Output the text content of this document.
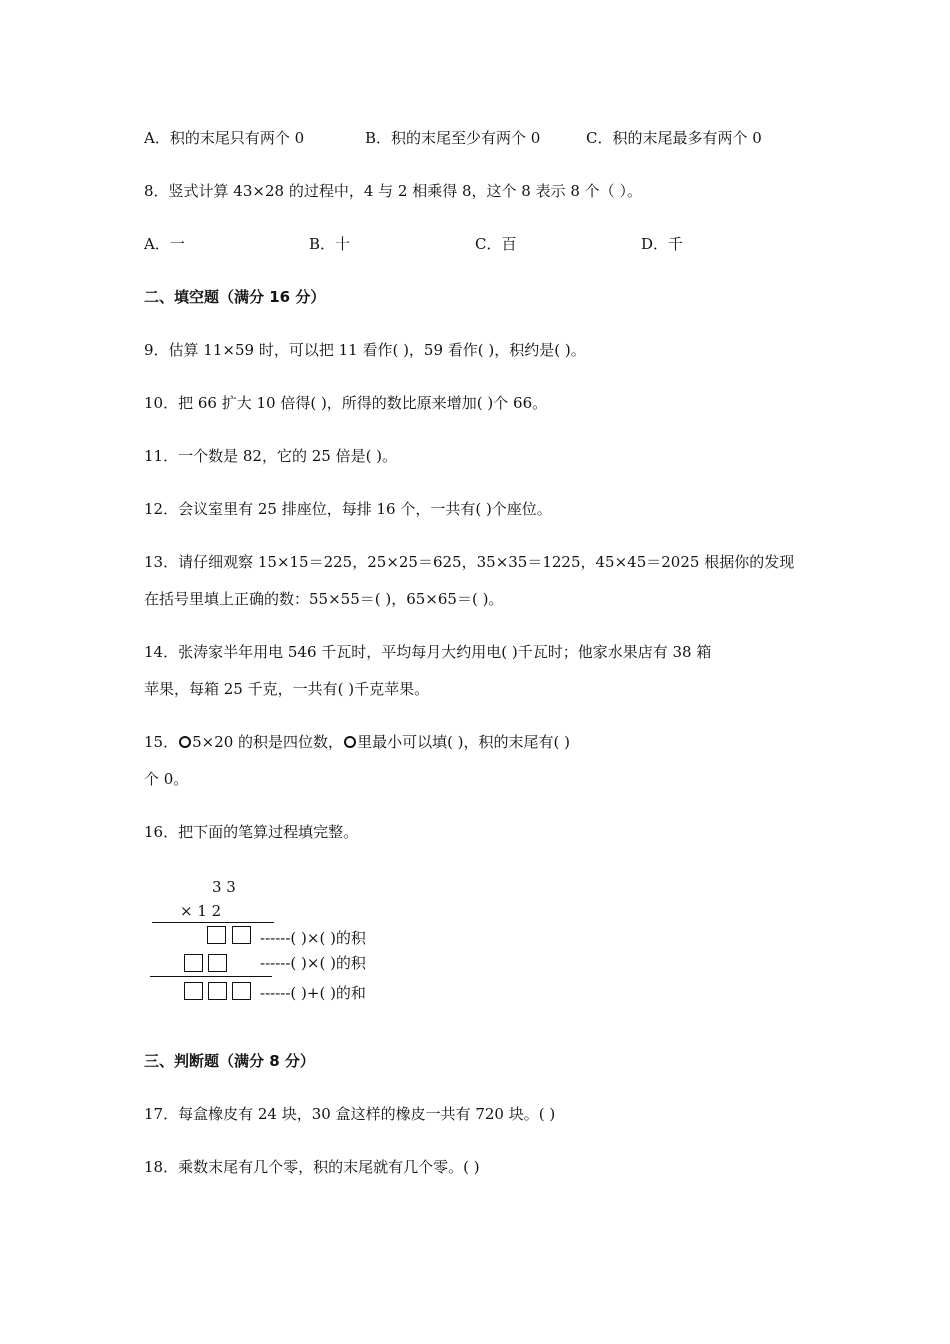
A．积的末尾只有两个 0	B．积的末尾至少有两个 0	C．积的末尾最多有两个 0
8．竖式计算 43×28 的过程中，4 与 2 相乘得 8，这个 8 表示 8 个（ ）。
A．一	B．十	C．百	D．千
二、填空题（满分 16 分）
9．估算 11×59 时，可以把 11 看作( )，59 看作( )，积约是( )。
10．把 66 扩大 10 倍得( )，所得的数比原来增加( )个 66。
11．一个数是 82，它的 25 倍是( )。
12．会议室里有 25 排座位，每排 16 个，一共有( )个座位。
13．请仔细观察 15×15＝225，25×25＝625，35×35＝1225，45×45＝2025 根据你的发现
在括号里填上正确的数：55×55＝( )，65×65＝( )。
14．张涛家半年用电 546 千瓦时，平均每月大约用电( )千瓦时；他家水果店有 38 箱
苹果，每箱 25 千克，一共有( )千克苹果。
15． 5×20 的积是四位数， 里最小可以填( )，积的末尾有( )
个 0。
16．把下面的笔算过程填完整。
3 3
× 1 2
------( )×( )的积
------( )×( )的积
------( )+( )的和
三、判断题（满分 8 分）
17．每盒橡皮有 24 块，30 盒这样的橡皮一共有 720 块。( )
18．乘数末尾有几个零，积的末尾就有几个零。( )
